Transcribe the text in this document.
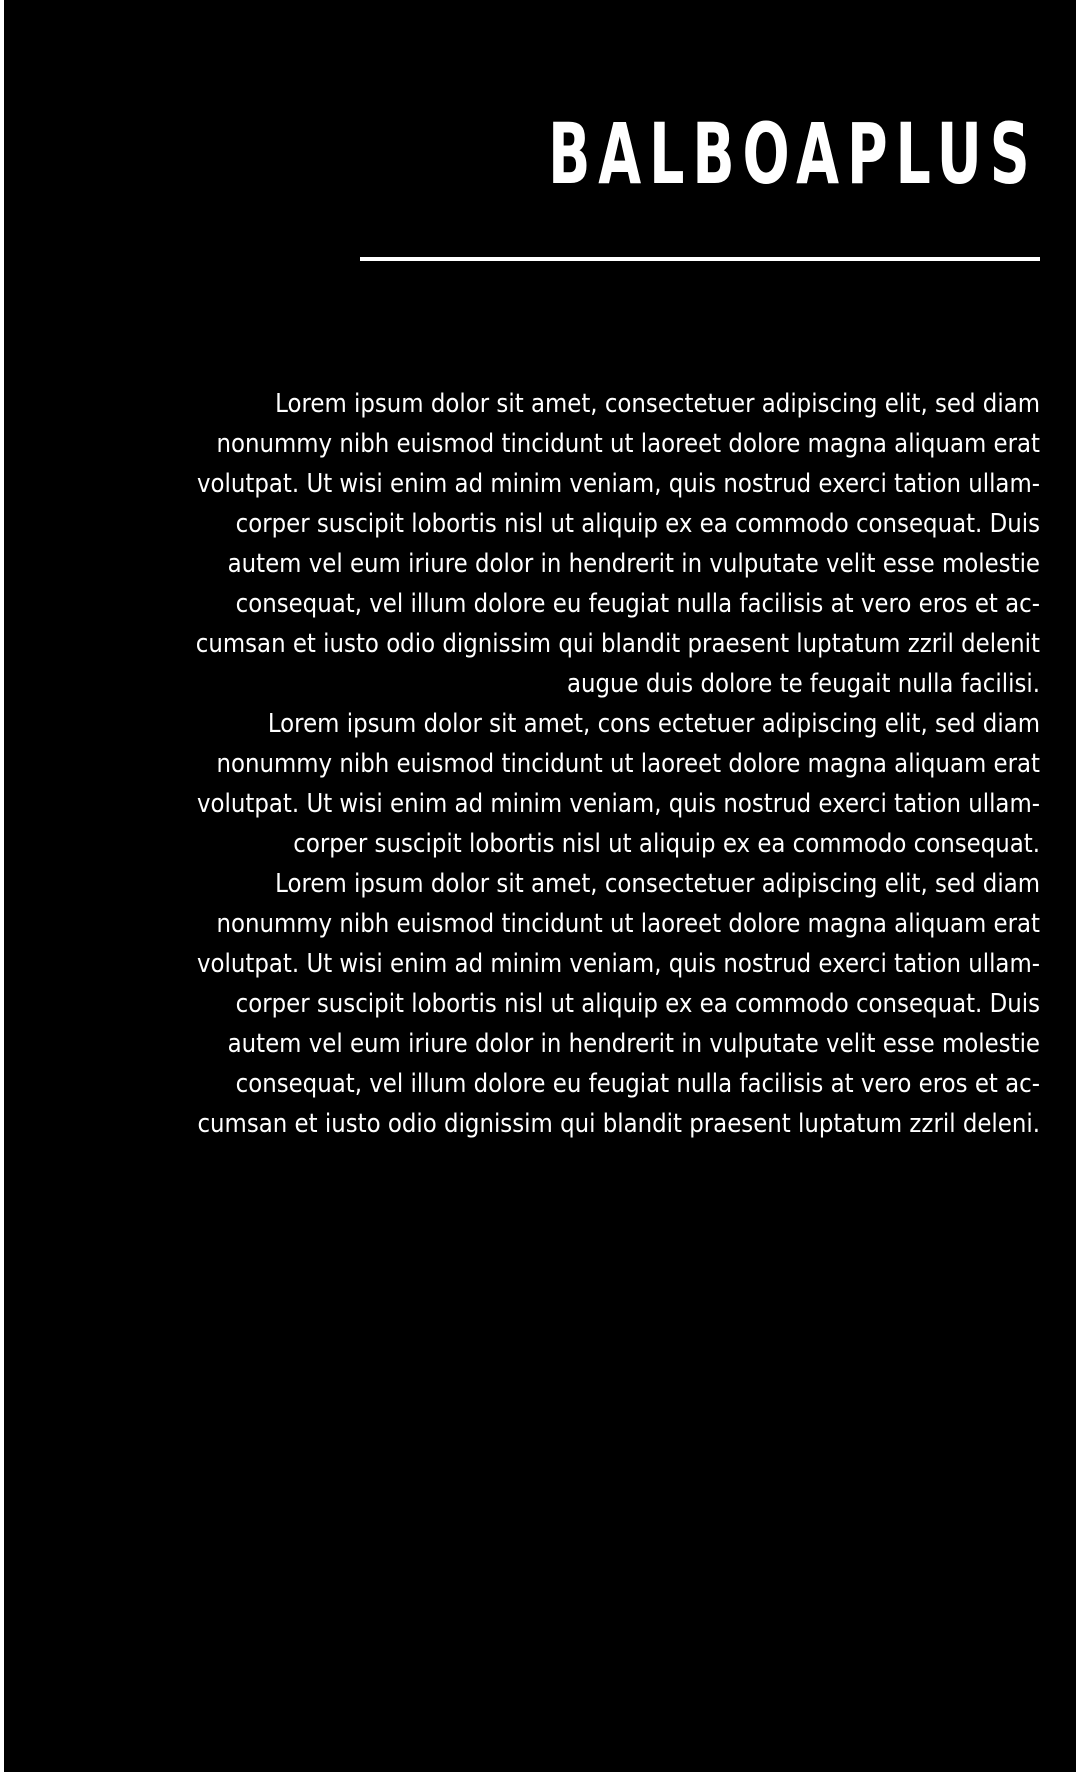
BALBOAPLUS
Lorem ipsum dolor sit amet, consectetuer adipiscing elit, sed diam
nonummy nibh euismod tincidunt ut laoreet dolore magna aliquam erat
volutpat. Ut wisi enim ad minim veniam, quis nostrud exerci tation ullam-
corper suscipit lobortis nisl ut aliquip ex ea commodo consequat. Duis
autem vel eum iriure dolor in hendrerit in vulputate velit esse molestie
consequat, vel illum dolore eu feugiat nulla facilisis at vero eros et ac-
cumsan et iusto odio dignissim qui blandit praesent luptatum zzril delenit
augue duis dolore te feugait nulla facilisi.
Lorem ipsum dolor sit amet, cons ectetuer adipiscing elit, sed diam
nonummy nibh euismod tincidunt ut laoreet dolore magna aliquam erat
volutpat. Ut wisi enim ad minim veniam, quis nostrud exerci tation ullam-
corper suscipit lobortis nisl ut aliquip ex ea commodo consequat.
Lorem ipsum dolor sit amet, consectetuer adipiscing elit, sed diam
nonummy nibh euismod tincidunt ut laoreet dolore magna aliquam erat
volutpat. Ut wisi enim ad minim veniam, quis nostrud exerci tation ullam-
corper suscipit lobortis nisl ut aliquip ex ea commodo consequat. Duis
autem vel eum iriure dolor in hendrerit in vulputate velit esse molestie
consequat, vel illum dolore eu feugiat nulla facilisis at vero eros et ac-
cumsan et iusto odio dignissim qui blandit praesent luptatum zzril deleni.
